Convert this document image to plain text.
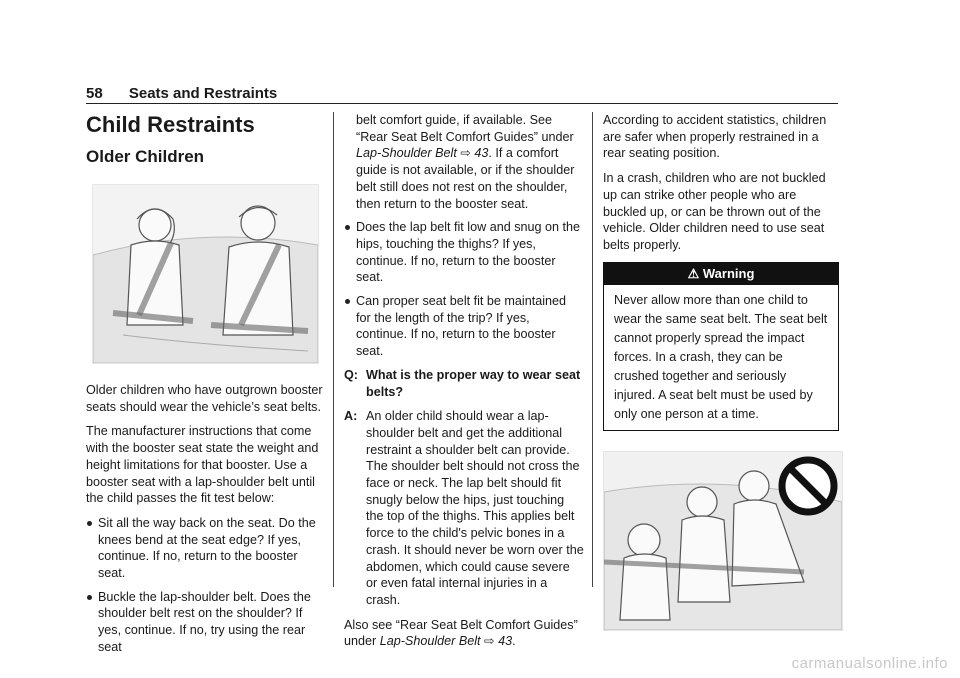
58 Seats and Restraints
Child Restraints
Older Children

Older children who have outgrown booster seats should wear the vehicle’s seat belts.

The manufacturer instructions that come with the booster seat state the weight and height limitations for that booster. Use a booster seat with a lap-shoulder belt until the child passes the fit test below:

Sit all the way back on the seat. Do the knees bend at the seat edge? If yes, continue. If no, return to the booster seat.
Buckle the lap-shoulder belt. Does the shoulder belt rest on the shoulder? If yes, continue. If no, try using the rear seat
belt comfort guide, if available. See “Rear Seat Belt Comfort Guides” under Lap-Shoulder Belt ⇨ 43. If a comfort guide is not available, or if the shoulder belt still does not rest on the shoulder, then return to the booster seat.
Does the lap belt fit low and snug on the hips, touching the thighs? If yes, continue. If no, return to the booster seat.
Can proper seat belt fit be maintained for the length of the trip? If yes, continue. If no, return to the booster seat.
Q: What is the proper way to wear seat belts?
A: An older child should wear a lap-shoulder belt and get the additional restraint a shoulder belt can provide. The shoulder belt should not cross the face or neck. The lap belt should fit snugly below the hips, just touching the top of the thighs. This applies belt force to the child's pelvic bones in a crash. It should never be worn over the abdomen, which could cause severe or even fatal internal injuries in a crash.

Also see “Rear Seat Belt Comfort Guides” under Lap-Shoulder Belt ⇨ 43.

According to accident statistics, children are safer when properly restrained in a rear seating position.

In a crash, children who are not buckled up can strike other people who are buckled up, or can be thrown out of the vehicle. Older children need to use seat belts properly.

⚠ Warning
Never allow more than one child to wear the same seat belt. The seat belt cannot properly spread the impact forces. In a crash, they can be crushed together and seriously injured. A seat belt must be used by only one person at a time.
carmanualsonline.info
